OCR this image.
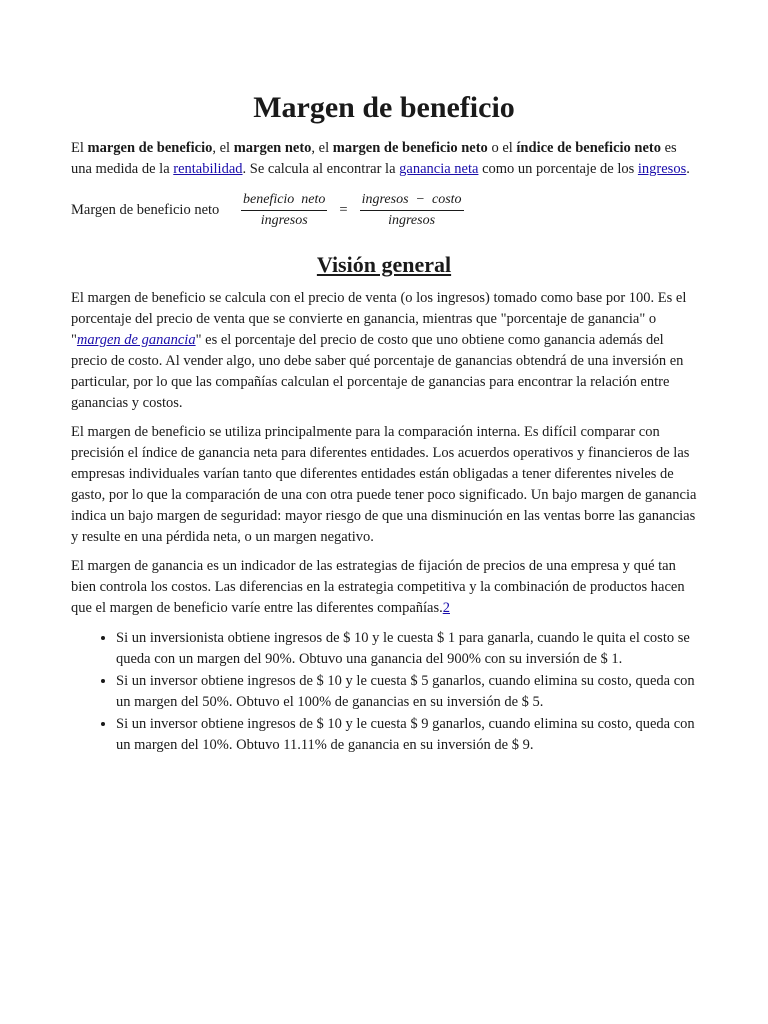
Margen de beneficio

El margen de beneficio, el margen neto, el margen de beneficio neto o el índice de beneficio neto es una medida de la rentabilidad. Se calcula al encontrar la ganancia neta como un porcentaje de los ingresos.

Margen de beneficio neto	$\frac{\text{beneficio  neto}}{\text{ingresos}} = \frac{\text{ingresos  −  costo}}{\text{ingresos}}$
Visión general

El margen de beneficio se calcula con el precio de venta (o los ingresos) tomado como base por 100. Es el porcentaje del precio de venta que se convierte en ganancia, mientras que "porcentaje de ganancia" o "margen de ganancia" es el porcentaje del precio de costo que uno obtiene como ganancia además del precio de costo. Al vender algo, uno debe saber qué porcentaje de ganancias obtendrá de una inversión en particular, por lo que las compañías calculan el porcentaje de ganancias para encontrar la relación entre ganancias y costos.

El margen de beneficio se utiliza principalmente para la comparación interna. Es difícil comparar con precisión el índice de ganancia neta para diferentes entidades. Los acuerdos operativos y financieros de las empresas individuales varían tanto que diferentes entidades están obligadas a tener diferentes niveles de gasto, por lo que la comparación de una con otra puede tener poco significado. Un bajo margen de ganancia indica un bajo margen de seguridad: mayor riesgo de que una disminución en las ventas borre las ganancias y resulte en una pérdida neta, o un margen negativo.

El margen de ganancia es un indicador de las estrategias de fijación de precios de una empresa y qué tan bien controla los costos. Las diferencias en la estrategia competitiva y la combinación de productos hacen que el margen de beneficio varíe entre las diferentes compañías.2

• Si un inversionista obtiene ingresos de $ 10 y le cuesta $ 1 para ganarla, cuando le quita el costo se queda con un margen del 90%. Obtuvo una ganancia del 900% con su inversión de $ 1.
• Si un inversor obtiene ingresos de $ 10 y le cuesta $ 5 ganarlos, cuando elimina su costo, queda con un margen del 50%. Obtuvo el 100% de ganancias en su inversión de $ 5.
• Si un inversor obtiene ingresos de $ 10 y le cuesta $ 9 ganarlos, cuando elimina su costo, queda con un margen del 10%. Obtuvo 11.11% de ganancia en su inversión de $ 9.
